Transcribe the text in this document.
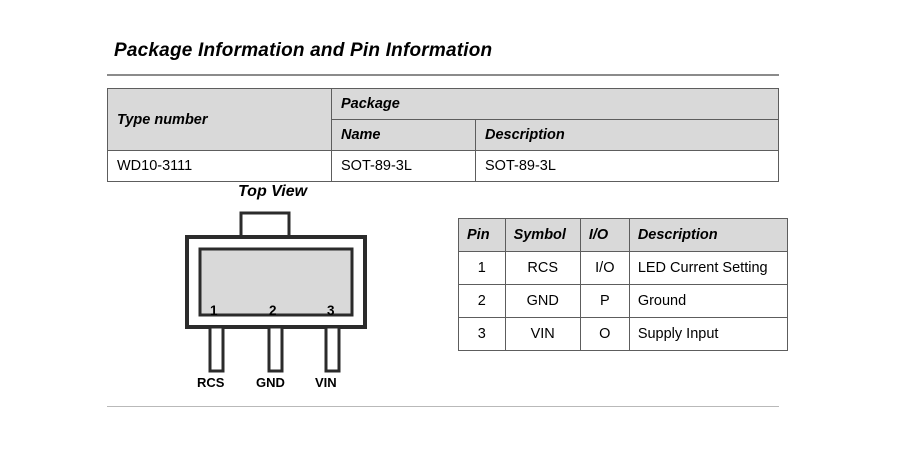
Package Information and Pin Information
Type number	Package	
	Name	Description
WD10-3111	SOT-89-3L	SOT-89-3L
Top View
1	2	3
RCS GND VIN
Pin	Symbol	I/O	Description
1	RCS	I/O	LED Current Setting
2	GND	P	Ground
3	VIN	O	Supply Input
